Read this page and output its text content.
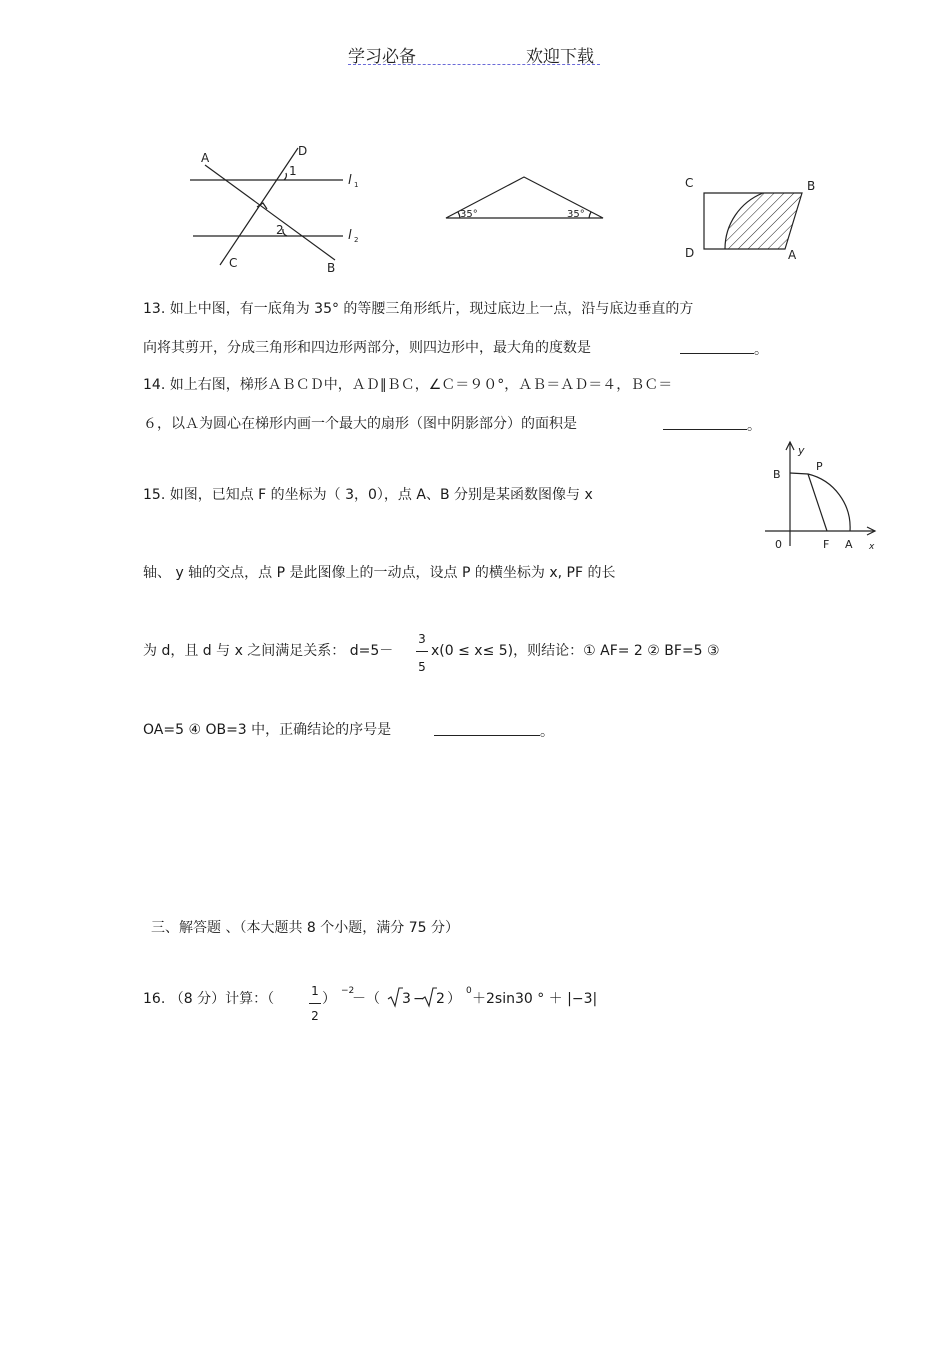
学习必备	欢迎下载
A	D
1
2
C	B
l 1
l 2
35°	35°
C	B
D	A
13. 如上中图，有一底角为 35° 的等腰三角形纸片，现过底边上一点，沿与底边垂直的方
向将其剪开，分成三角形和四边形两部分，则四边形中，最大角的度数是	。
14. 如上右图，梯形ＡＢＣＤ中，ＡＤ∥ＢＣ，∠Ｃ＝９０°，ＡＢ＝ＡＤ＝４，ＢＣ＝
６，以Ａ为圆心在梯形内画一个最大的扇形（图中阴影部分）的面积是	。
y
B
P
0	F A x
15. 如图，已知点 F 的坐标为（ 3，0），点 A、B 分别是某函数图像与 x
轴、 y 轴的交点，点 P 是此图像上的一动点，设点 P 的横坐标为 x, PF 的长
为 d，且 d 与 x 之间满足关系： d=5－
3
5
x(0 ≤ x≤ 5)，则结论：① AF= 2 ② BF=5 ③
OA=5 ④ OB=3 中，正确结论的序号是	。
三、解答题 、（本大题共 8 个小题，满分 75 分）
16. （8 分）计算：（	1
2
） −2
－（ 3 − 2 ） 0 ＋2sin30 ° ＋ |−3|
